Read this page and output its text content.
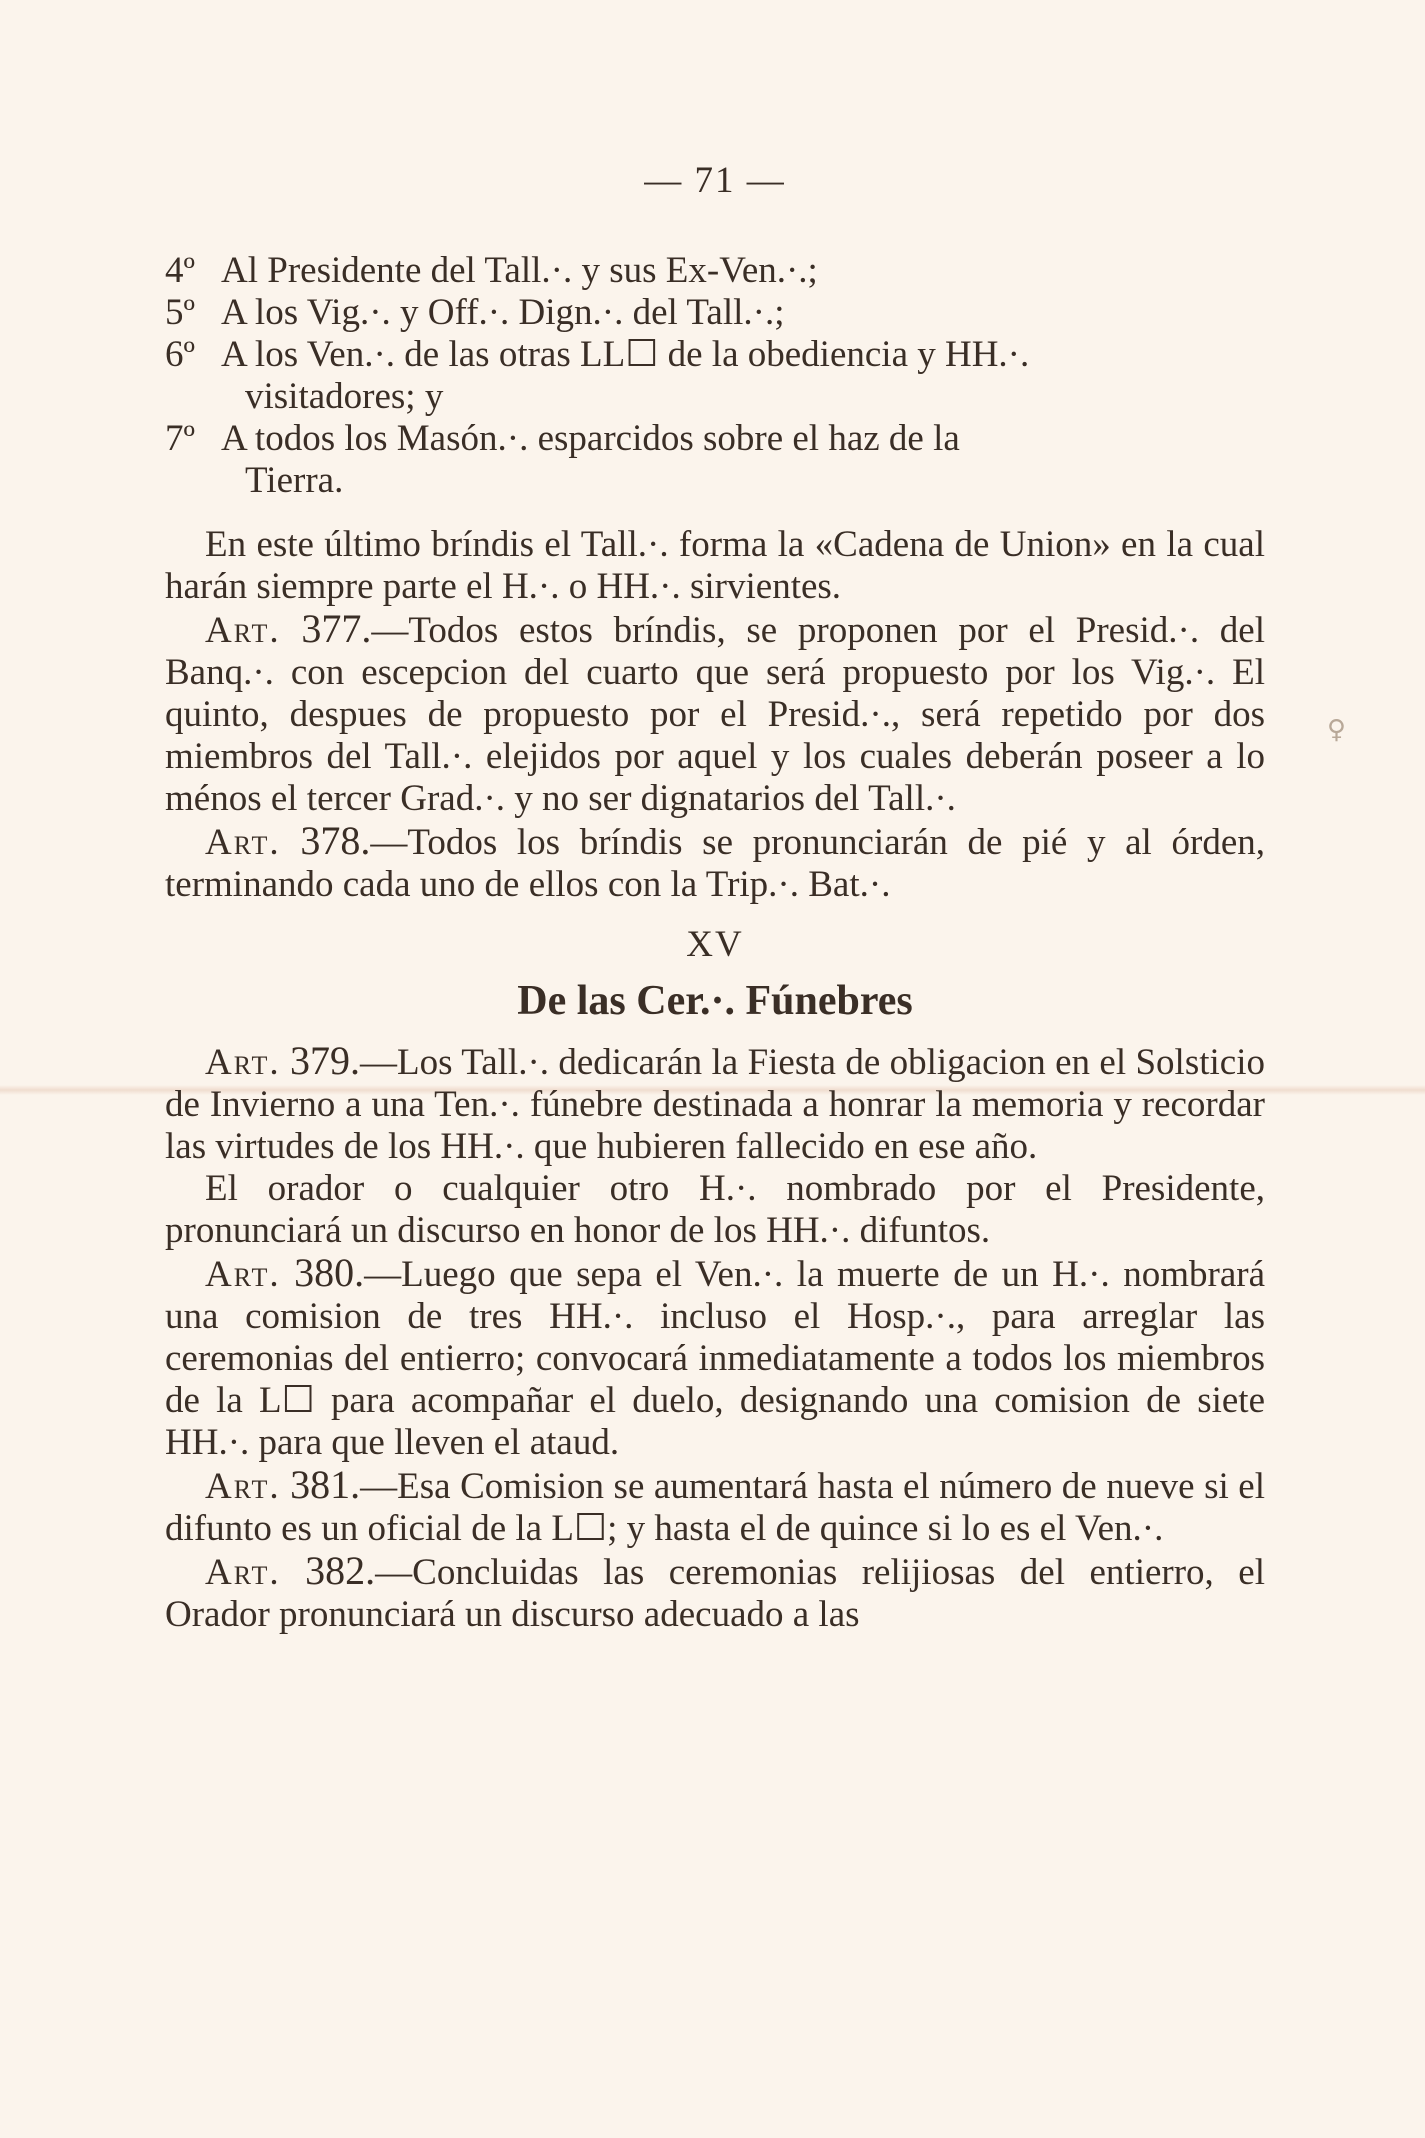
♀
— 71 —
4º Al Presidente del Tall.·. y sus Ex-Ven.·.;
5º A los Vig.·. y Off.·. Dign.·. del Tall.·.;
6º A los Ven.·. de las otras LL☐ de la obediencia y HH.·.
visitadores; y
7º A todos los Masón.·. esparcidos sobre el haz de la
Tierra.

En este último bríndis el Tall.·. forma la «Cadena de Union» en la cual harán siempre parte el H.·. o HH.·. sirvientes.

Art. 377.—Todos estos bríndis, se proponen por el Presid.·. del Banq.·. con escepcion del cuarto que será propuesto por los Vig.·. El quinto, despues de propuesto por el Presid.·., será repetido por dos miembros del Tall.·. elejidos por aquel y los cuales deberán poseer a lo ménos el tercer Grad.·. y no ser dignatarios del Tall.·.

Art. 378.—Todos los bríndis se pronunciarán de pié y al órden, terminando cada uno de ellos con la Trip.·. Bat.·.

XV
De las Cer.·. Fúnebres

Art. 379.—Los Tall.·. dedicarán la Fiesta de obligacion en el Solsticio de Invierno a una Ten.·. fúnebre destinada a honrar la memoria y recordar las virtudes de los HH.·. que hubieren fallecido en ese año.

El orador o cualquier otro H.·. nombrado por el Presidente, pronunciará un discurso en honor de los HH.·. difuntos.

Art. 380.—Luego que sepa el Ven.·. la muerte de un H.·. nombrará una comision de tres HH.·. incluso el Hosp.·., para arreglar las ceremonias del entierro; convocará inmediatamente a todos los miembros de la L☐ para acompañar el duelo, designando una comision de siete HH.·. para que lleven el ataud.

Art. 381.—Esa Comision se aumentará hasta el número de nueve si el difunto es un oficial de la L☐; y hasta el de quince si lo es el Ven.·.

Art. 382.—Concluidas las ceremonias relijiosas del entierro, el Orador pronunciará un discurso adecuado a las
